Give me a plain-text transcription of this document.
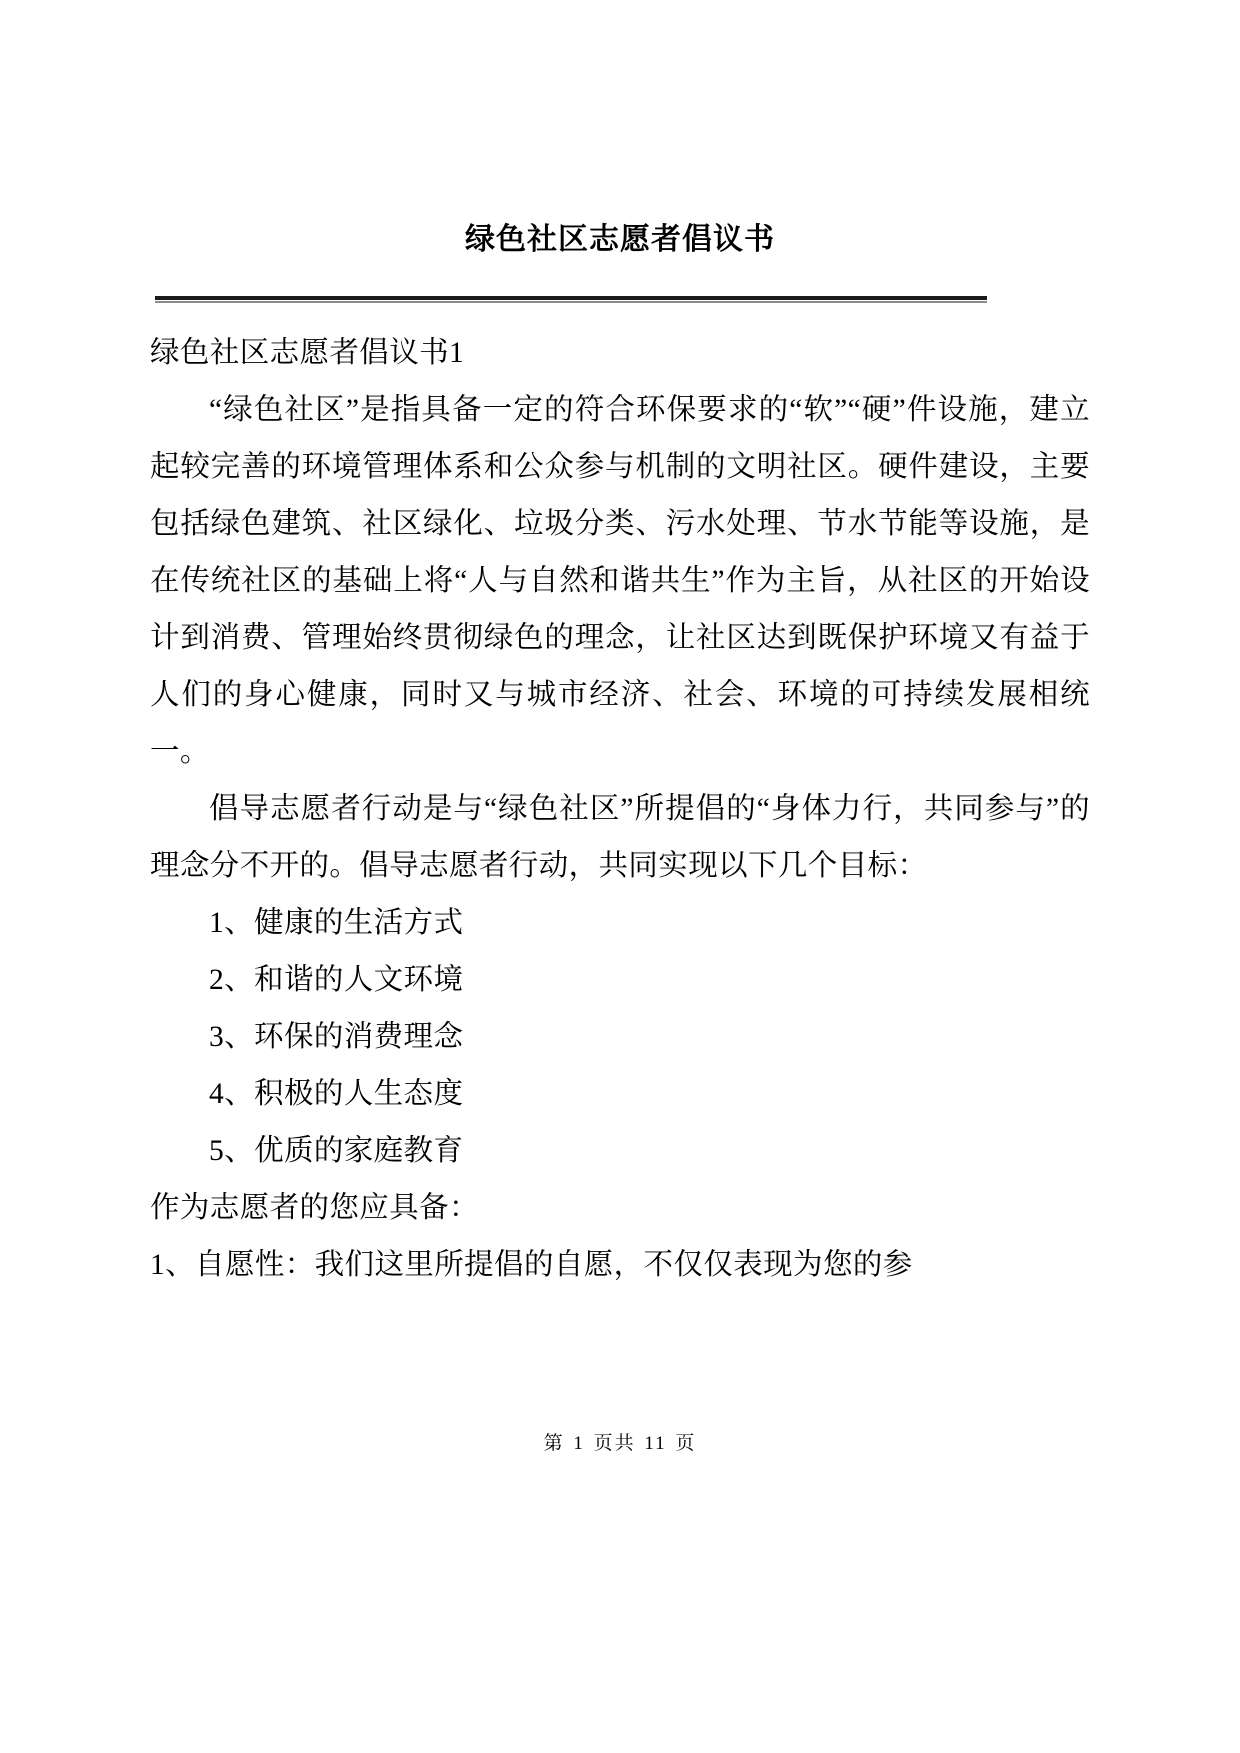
绿色社区志愿者倡议书

绿色社区志愿者倡议书1

“绿色社区”是指具备一定的符合环保要求的“软”“硬”件设施，建立起较完善的环境管理体系和公众参与机制的文明社区。硬件建设，主要包括绿色建筑、社区绿化、垃圾分类、污水处理、节水节能等设施，是在传统社区的基础上将“人与自然和谐共生”作为主旨，从社区的开始设计到消费、管理始终贯彻绿色的理念，让社区达到既保护环境又有益于人们的身心健康，同时又与城市经济、社会、环境的可持续发展相统一。

倡导志愿者行动是与“绿色社区”所提倡的“身体力行，共同参与”的理念分不开的。倡导志愿者行动，共同实现以下几个目标：

1、健康的生活方式

2、和谐的人文环境

3、环保的消费理念

4、积极的人生态度

5、优质的家庭教育

作为志愿者的您应具备：

1、自愿性：我们这里所提倡的自愿，不仅仅表现为您的参

第 1 页共 11 页
